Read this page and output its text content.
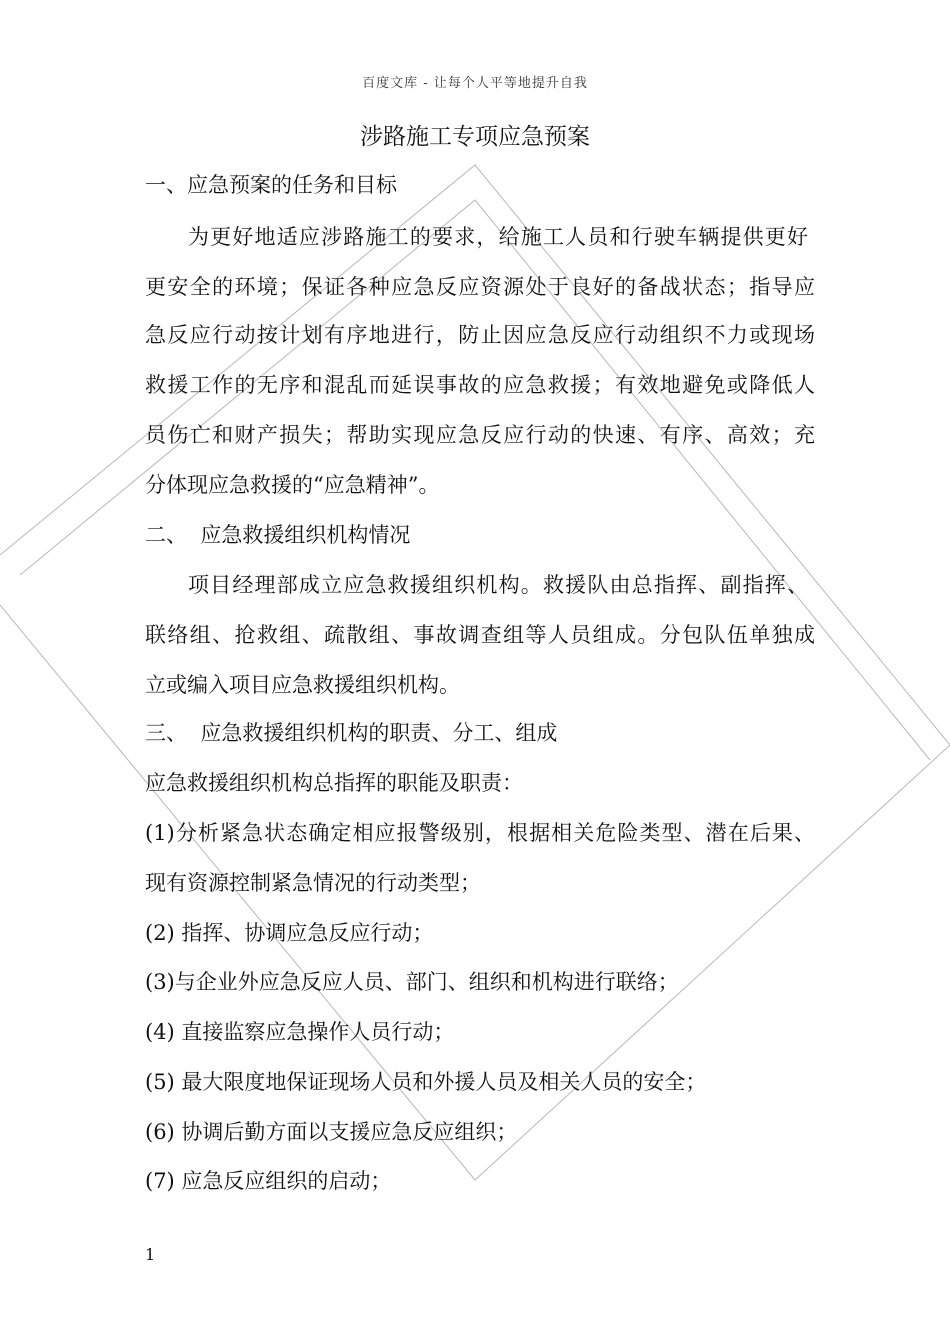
百度文库 - 让每个人平等地提升自我
涉路施工专项应急预案
一、应急预案的任务和目标
为更好地适应涉路施工的要求，给施工人员和行驶车辆提供更好
更安全的环境；保证各种应急反应资源处于良好的备战状态；指导应
急反应行动按计划有序地进行，防止因应急反应行动组织不力或现场
救援工作的无序和混乱而延误事故的应急救援；有效地避免或降低人
员伤亡和财产损失；帮助实现应急反应行动的快速、有序、高效；充
分体现应急救援的“应急精神”。
二、  应急救援组织机构情况
项目经理部成立应急救援组织机构。救援队由总指挥、副指挥、
联络组、抢救组、疏散组、事故调查组等人员组成。分包队伍单独成
立或编入项目应急救援组织机构。
三、  应急救援组织机构的职责、分工、组成
应急救援组织机构总指挥的职能及职责：
(1)分析紧急状态确定相应报警级别，根据相关危险类型、潜在后果、
现有资源控制紧急情况的行动类型；
(2) 指挥、协调应急反应行动；
(3)与企业外应急反应人员、部门、组织和机构进行联络；
(4) 直接监察应急操作人员行动；
(5) 最大限度地保证现场人员和外援人员及相关人员的安全；
(6) 协调后勤方面以支援应急反应组织；
(7) 应急反应组织的启动；
1
